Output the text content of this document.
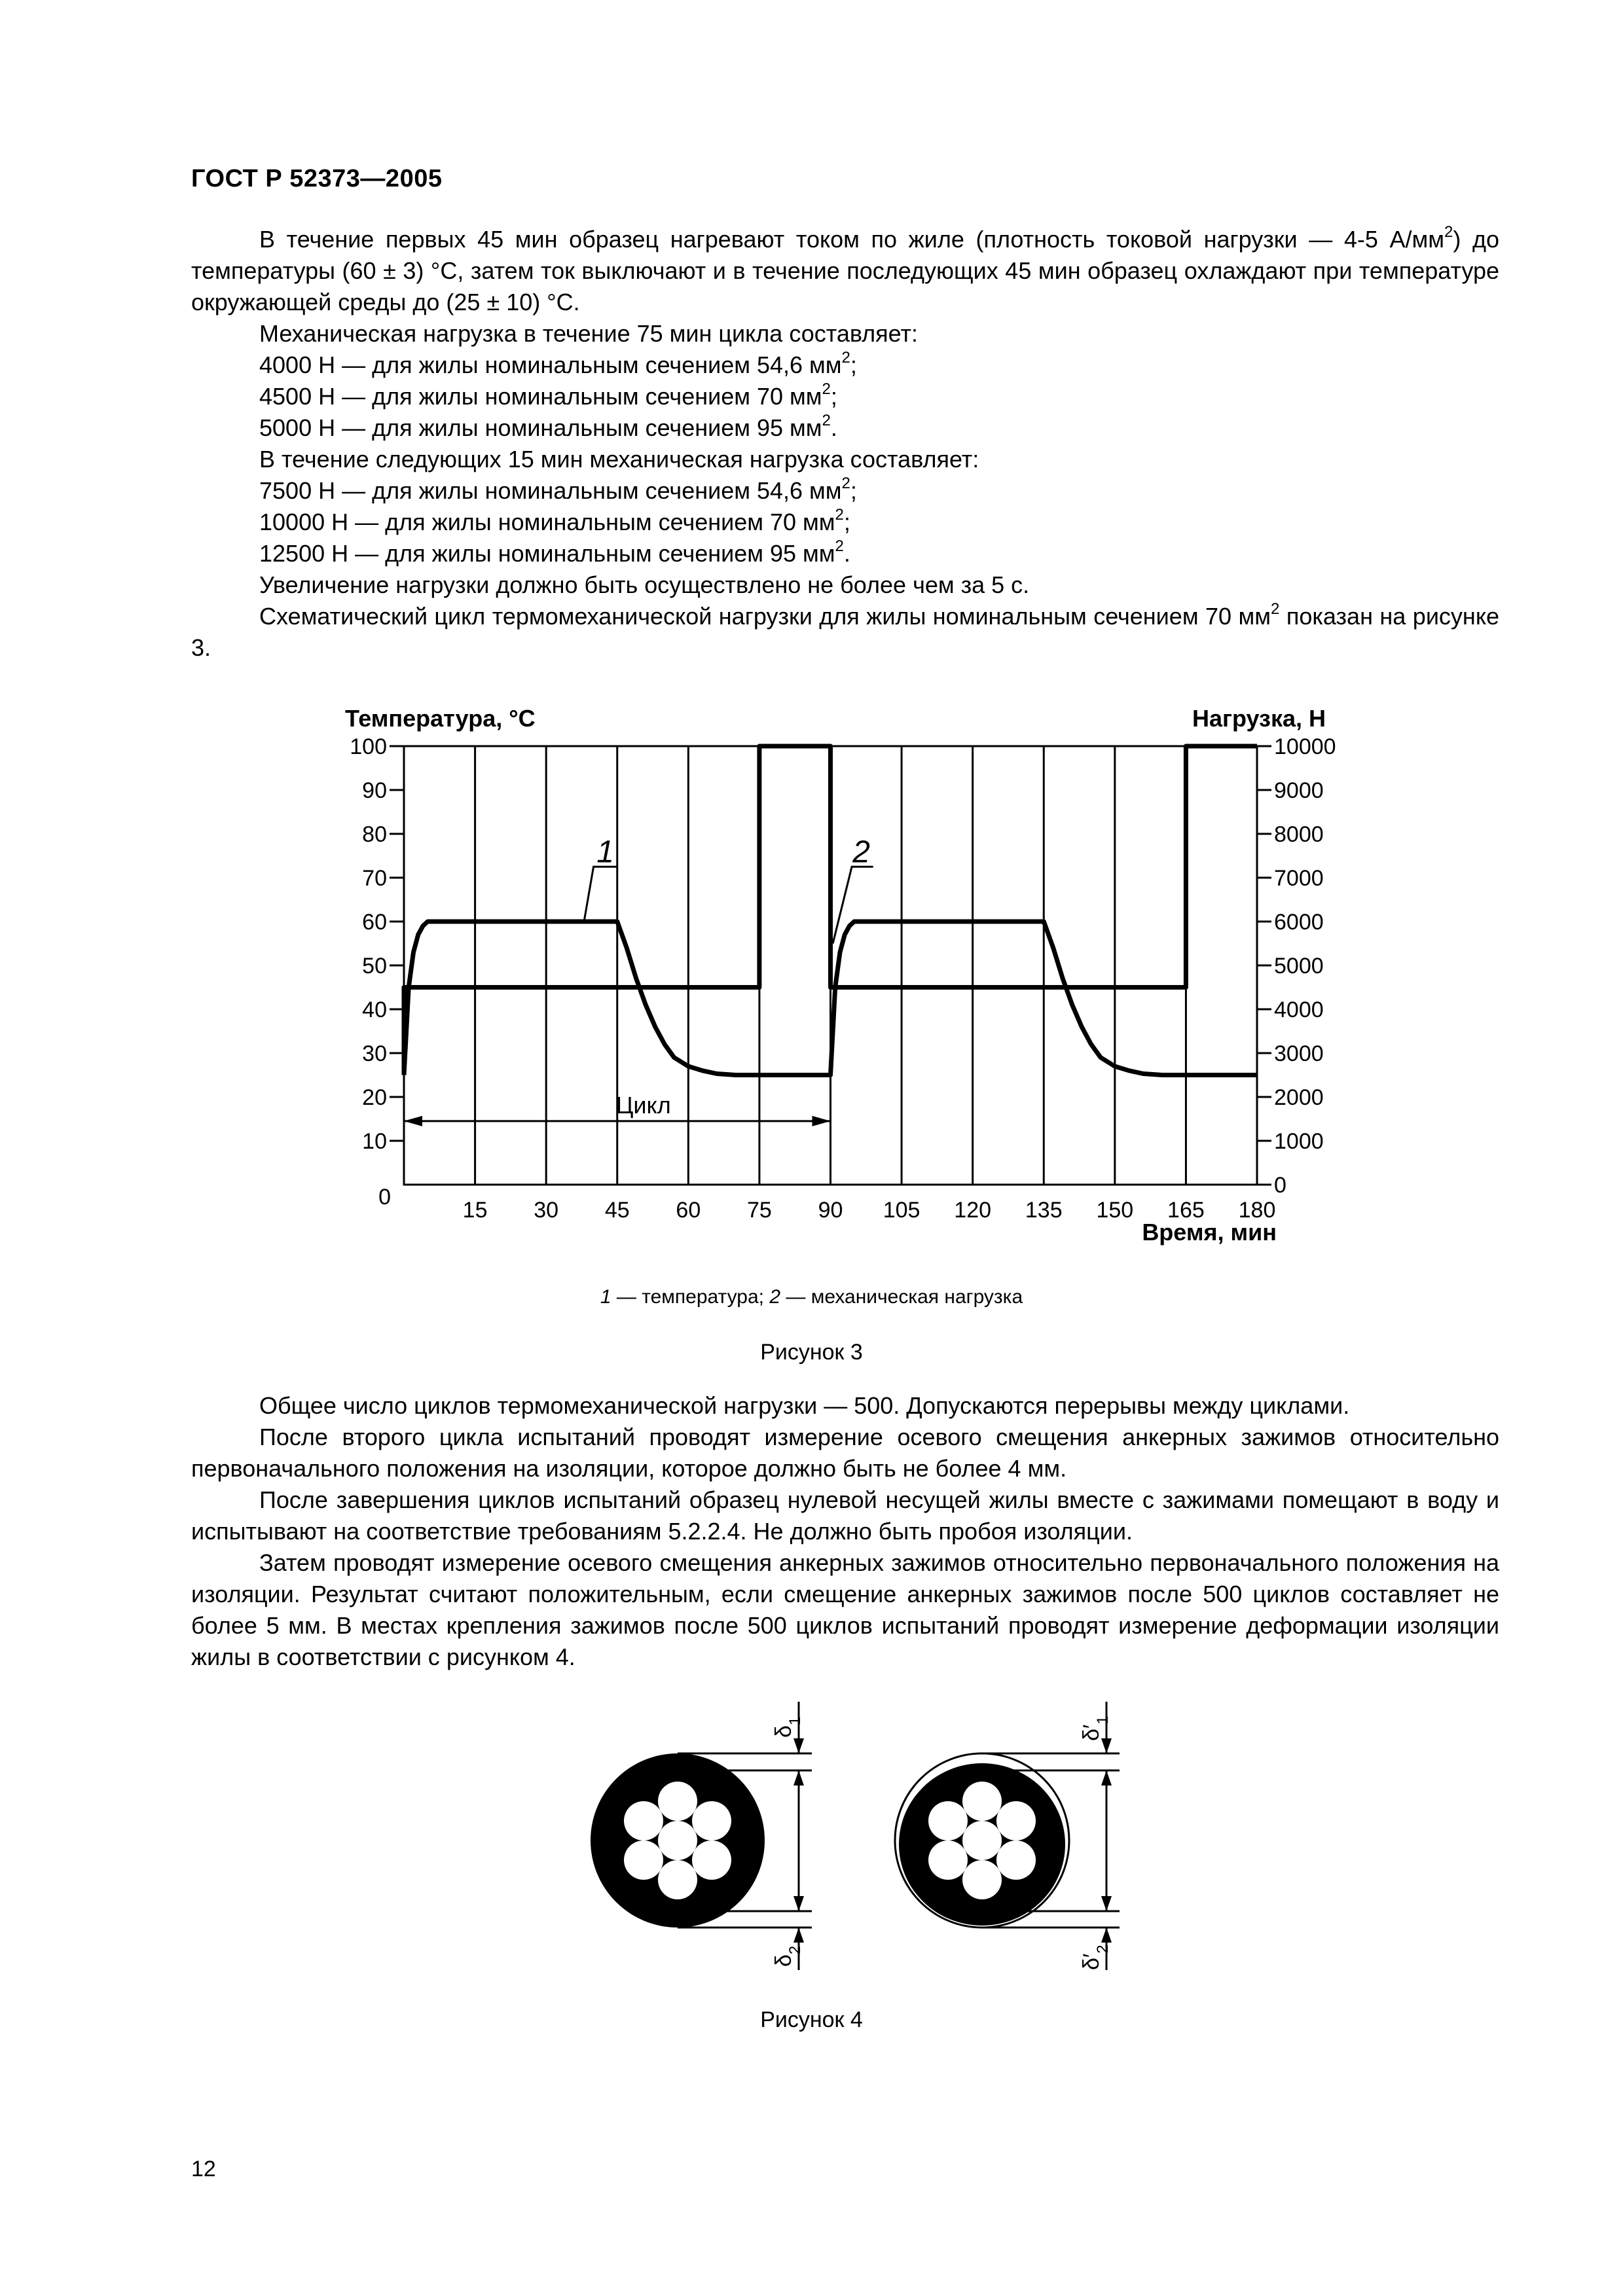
ГОСТ Р 52373—2005

В течение первых 45 мин образец нагревают током по жиле (плотность токовой нагрузки — 4-5 $А/мм^2$) до температуры (60 ± 3) °С, затем ток выключают и в течение последующих 45 мин образец охлаждают при температуре окружающей среды до (25 ± 10) °С.

Механическая нагрузка в течение 75 мин цикла составляет:

4000 Н — для жилы номинальным сечением 54,6 $мм^2$;

4500 Н — для жилы номинальным сечением 70 $мм^2$;

5000 Н — для жилы номинальным сечением 95 $мм^2$.

В течение следующих 15 мин механическая нагрузка составляет:

7500 Н — для жилы номинальным сечением 54,6 $мм^2$;

10000 Н — для жилы номинальным сечением 70 $мм^2$;

12500 Н — для жилы номинальным сечением 95 $мм^2$.

Увеличение нагрузки должно быть осуществлено не более чем за 5 с.

Схематический цикл термомеханической нагрузки для жилы номинальным сечением 70 $мм^2$ показан на рисунке 3.

15 30 45 60 75 90 105 120 135 150 165 180
0
10
20
30
40
50
60
70
80
90
100
0
1000
2000
3000
4000
5000
6000
7000
8000
9000
10000
Температура, °С	Нагрузка, Н
Время, мин
Цикл
1	2
1 — температура; 2 — механическая нагрузка
Рисунок 3

Общее число циклов термомеханической нагрузки — 500. Допускаются перерывы между циклами.

После второго цикла испытаний проводят измерение осевого смещения анкерных зажимов относительно первоначального положения на изоляции, которое должно быть не более 4 мм.

После завершения циклов испытаний образец нулевой несущей жилы вместе с зажимами помещают в воду и испытывают на соответствие требованиям 5.2.2.4. Не должно быть пробоя изоляции.

Затем проводят измерение осевого смещения анкерных зажимов относительно первоначального положения на изоляции. Результат считают положительным, если смещение анкерных зажимов после 500 циклов составляет не более 5 мм. В местах крепления зажимов после 500 циклов испытаний проводят измерение деформации изоляции жилы в соответствии с рисунком 4.

$\delta_1$
$\delta_2$
$\delta'_1$
$\delta'_2$
Рисунок 4
12
